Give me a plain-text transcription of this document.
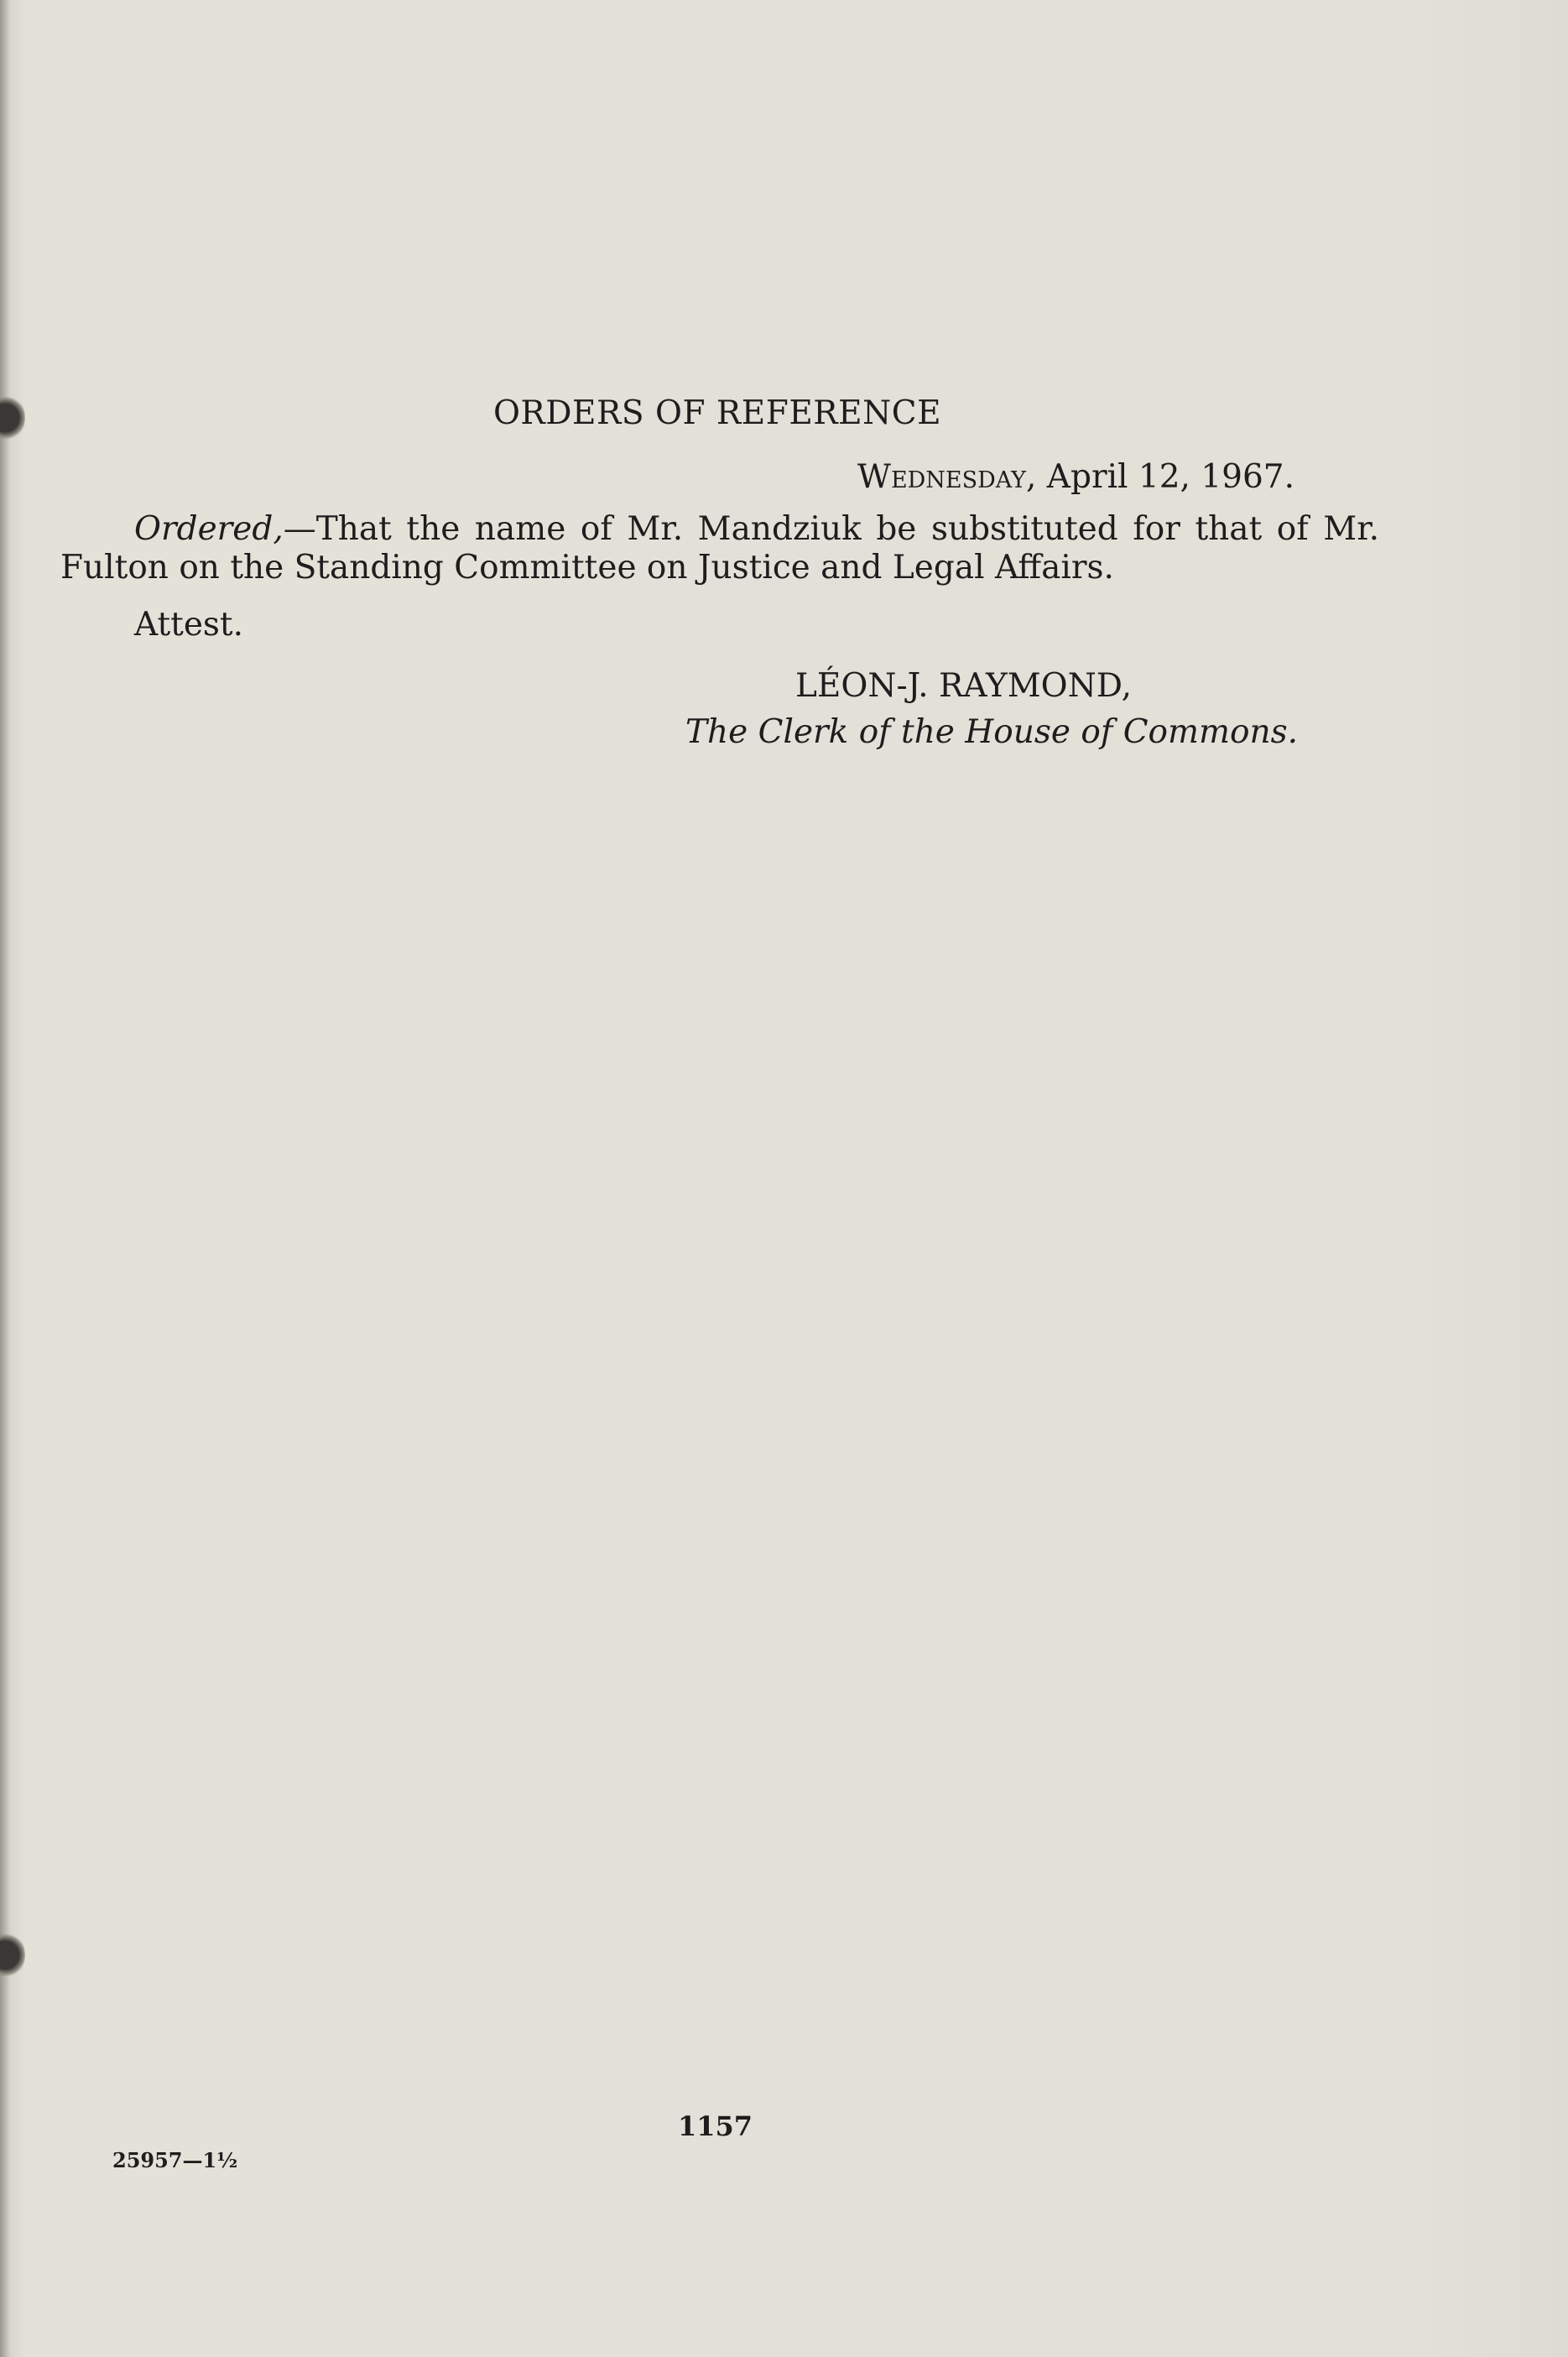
ORDERS OF REFERENCE
Wednesday, April 12, 1967.
Ordered,—That the name of Mr. Mandziuk be substituted for that of Mr. Fulton on the Standing Committee on Justice and Legal Affairs.
Attest.
LÉON-J. RAYMOND,
The Clerk of the House of Commons.
1157
25957—1½
